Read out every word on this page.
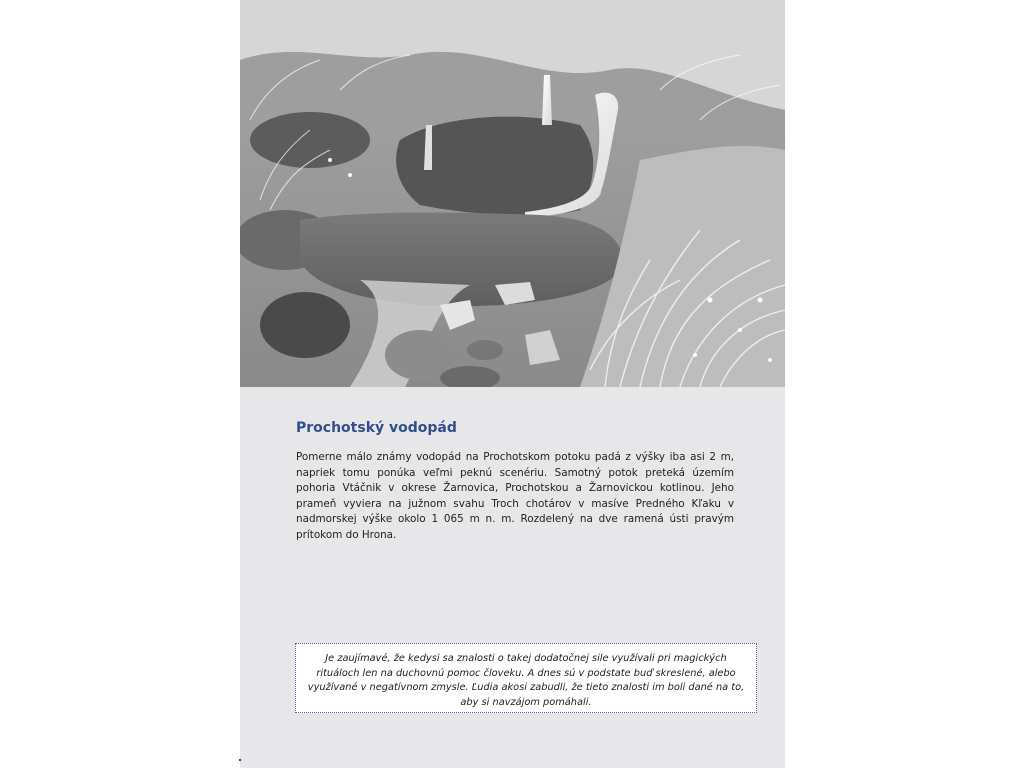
Prochotský vodopád

Pomerne málo známy vodopád na Prochotskom potoku padá z výšky iba asi 2 m, napriek tomu ponúka veľmi peknú scenériu. Samotný potok preteká územím pohoria Vtáčnik v okrese Žarnovica, Prochotskou a Žarnovickou kotlinou. Jeho prameň vyviera na južnom svahu Troch chotárov v masíve Predného Kľaku v nadmorskej výške okolo 1 065 m n. m. Rozdelený na dve ramená ústi pravým prítokom do Hrona.

Je zaujímavé, že kedysi sa znalosti o takej dodatočnej sile využívali pri magických rituáloch len na duchovnú pomoc človeku. A dnes sú v podstate buď skreslené, alebo využívané v negatívnom zmysle. Ľudia akosi zabudli, že tieto znalosti im boli dané na to, aby si navzájom pomáhali.
